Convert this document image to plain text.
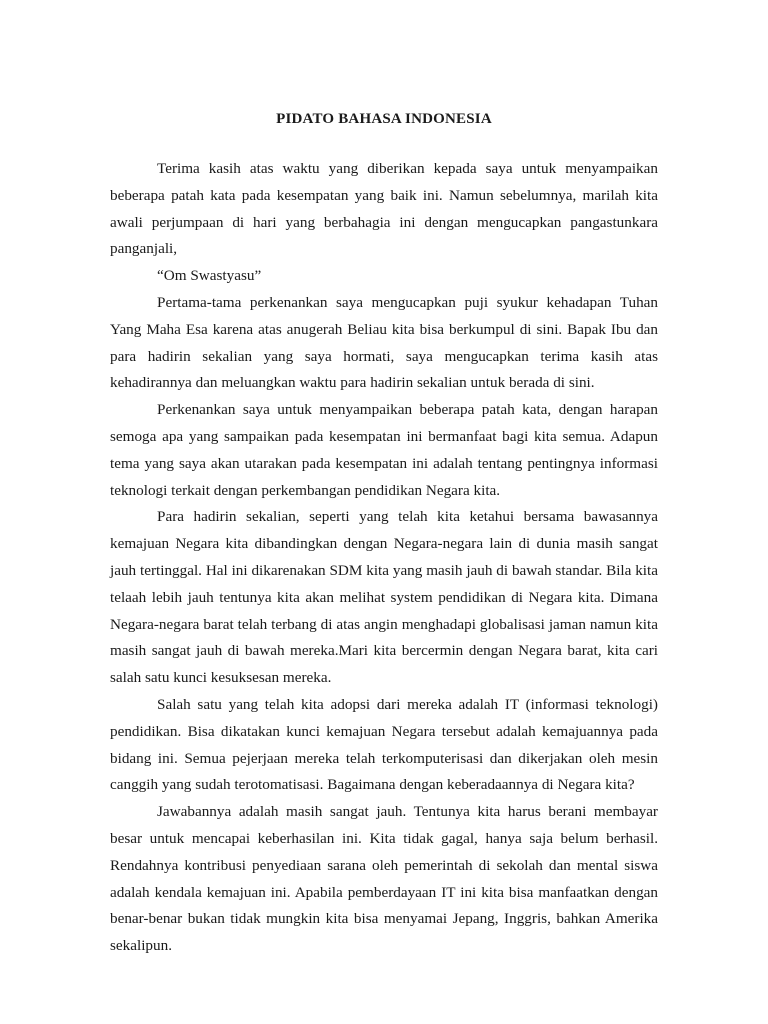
PIDATO BAHASA INDONESIA

Terima kasih atas waktu yang diberikan kepada saya untuk menyampaikan beberapa patah kata pada kesempatan yang baik ini. Namun sebelumnya, marilah kita awali perjumpaan di hari yang berbahagia ini dengan mengucapkan pangastunkara panganjali,

“Om Swastyasu”

Pertama-tama perkenankan saya mengucapkan puji syukur kehadapan Tuhan Yang Maha Esa karena atas anugerah Beliau kita bisa berkumpul di sini. Bapak Ibu dan para hadirin sekalian yang saya hormati, saya mengucapkan terima kasih atas kehadirannya dan meluangkan waktu para hadirin sekalian untuk berada di sini.

Perkenankan saya untuk menyampaikan beberapa patah kata, dengan harapan semoga apa yang sampaikan pada kesempatan ini bermanfaat bagi kita semua. Adapun tema yang saya akan utarakan pada kesempatan ini adalah tentang pentingnya informasi teknologi terkait dengan perkembangan pendidikan Negara kita.

Para hadirin sekalian, seperti yang telah kita ketahui bersama bawasannya kemajuan Negara kita dibandingkan dengan Negara-negara lain di dunia masih sangat jauh tertinggal. Hal ini dikarenakan SDM kita yang masih jauh di bawah standar. Bila kita telaah lebih jauh tentunya kita akan melihat system pendidikan di Negara kita. Dimana Negara-negara barat telah terbang di atas angin menghadapi globalisasi jaman namun kita masih sangat jauh di bawah mereka.Mari kita bercermin dengan Negara barat, kita cari salah satu kunci kesuksesan mereka.

Salah satu yang telah kita adopsi dari mereka adalah IT (informasi teknologi) pendidikan. Bisa dikatakan kunci kemajuan Negara tersebut adalah kemajuannya pada bidang ini. Semua pejerjaan mereka telah terkomputerisasi dan dikerjakan oleh mesin canggih yang sudah terotomatisasi. Bagaimana dengan keberadaannya di Negara kita?

Jawabannya adalah masih sangat jauh. Tentunya kita harus berani membayar besar untuk mencapai keberhasilan ini. Kita tidak gagal, hanya saja belum berhasil. Rendahnya kontribusi penyediaan sarana oleh pemerintah di sekolah dan mental siswa adalah kendala kemajuan ini. Apabila pemberdayaan IT ini kita bisa manfaatkan dengan benar-benar bukan tidak mungkin kita bisa menyamai Jepang, Inggris, bahkan Amerika sekalipun.
